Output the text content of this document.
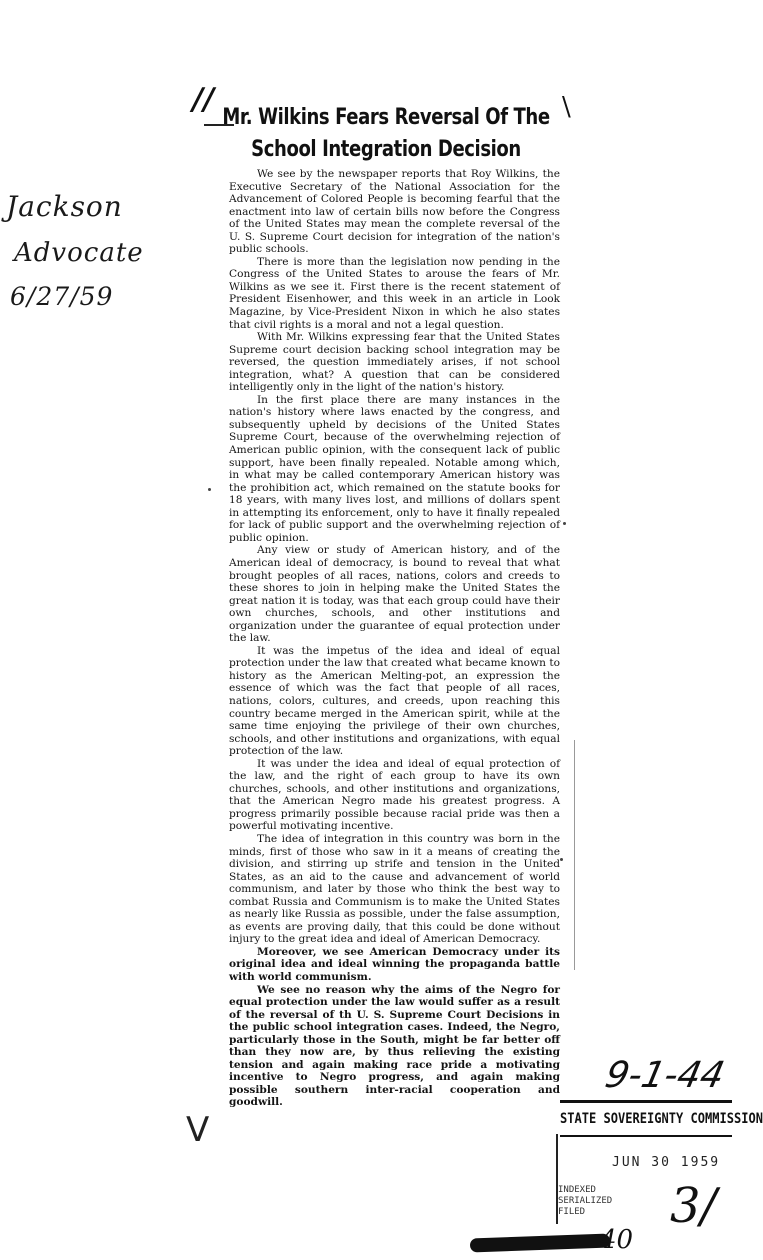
Jackson
Advocate
6/27/59
//	\
Mr. Wilkins Fears Reversal Of The
School Integration Decision

We see by the newspaper reports that Roy Wilkins, the Executive Secretary of the National Association for the Advancement of Colored People is becoming fearful that the enactment into law of certain bills now before the Congress of the United States may mean the complete reversal of the U. S. Supreme Court decision for integration of the nation's public schools.

There is more than the legislation now pending in the Congress of the United States to arouse the fears of Mr. Wilkins as we see it. First there is the recent statement of President Eisenhower, and this week in an article in Look Magazine, by Vice-President Nixon in which he also states that civil rights is a moral and not a legal question.

With Mr. Wilkins expressing fear that the United States Supreme court decision backing school integration may be reversed, the question immediately arises, if not school integration, what? A question that can be considered intelligently only in the light of the nation's history.

In the first place there are many instances in the nation's history where laws enacted by the congress, and subsequently upheld by decisions of the United States Supreme Court, because of the overwhelming rejection of American public opinion, with the consequent lack of public support, have been finally repealed. Notable among which, in what may be called contemporary American history was the prohibition act, which remained on the statute books for 18 years, with many lives lost, and millions of dollars spent in attempting its enforcement, only to have it finally repealed for lack of public support and the overwhelming rejection of public opinion.

Any view or study of American history, and of the American ideal of democracy, is bound to reveal that what brought peoples of all races, nations, colors and creeds to these shores to join in helping make the United States the great nation it is today, was that each group could have their own churches, schools, and other institutions and organization under the guarantee of equal protection under the law.

It was the impetus of the idea and ideal of equal protection under the law that created what became known to history as the American Melting-pot, an expression the essence of which was the fact that people of all races, nations, colors, cultures, and creeds, upon reaching this country became merged in the American spirit, while at the same time enjoying the privilege of their own churches, schools, and other institutions and organizations, with equal protection of the law.

It was under the idea and ideal of equal protection of the law, and the right of each group to have its own churches, schools, and other institutions and organizations, that the American Negro made his greatest progress. A progress primarily possible because racial pride was then a powerful motivating incentive.

The idea of integration in this country was born in the minds, first of those who saw in it a means of creating the division, and stirring up strife and tension in the United States, as an aid to the cause and advancement of world communism, and later by those who think the best way to combat Russia and Communism is to make the United States as nearly like Russia as possible, under the false assumption, as events are proving daily, that this could be done without injury to the great idea and ideal of American Democracy.

Moreover, we see American Democracy under its original idea and ideal winning the propaganda battle with world communism.

We see no reason why the aims of the Negro for equal protection under the law would suffer as a result of the reversal of th U. S. Supreme Court Decisions in the public school integration cases. Indeed, the Negro, particularly those in the South, might be far better off than they now are, by thus relieving the existing tension and again making race pride a motivating incentive to Negro progress, and again making possible southern inter-racial cooperation and goodwill.

V
9-1-44
STATE SOVEREIGNTY COMMISSION
JUN 30 1959
INDEXED
SERIALIZED
FILED	3/
40
